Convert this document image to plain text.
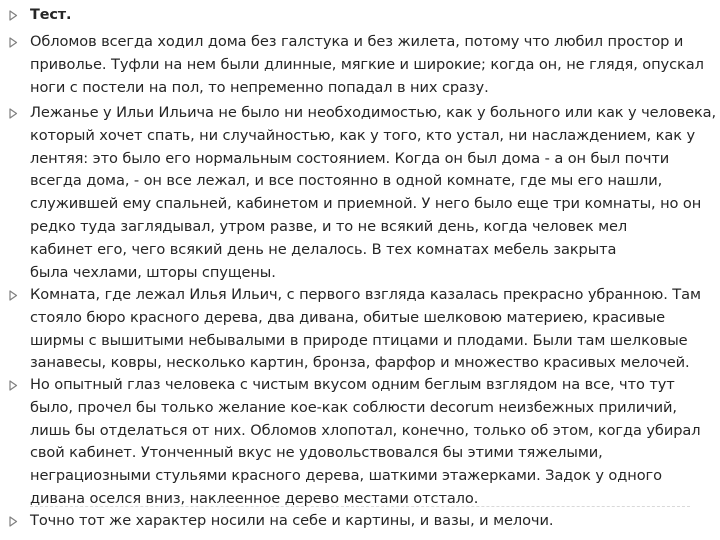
Тест.
Обломов всегда ходил дома без галстука и без жилета, потому что любил простор и
приволье. Туфли на нем были длинные, мягкие и широкие; когда он, не глядя, опускал
ноги с постели на пол, то непременно попадал в них сразу.
Лежанье у Ильи Ильича не было ни необходимостью, как у больного или как у человека,
который хочет спать, ни случайностью, как у того, кто устал, ни наслаждением, как у
лентяя: это было его нормальным состоянием. Когда он был дома - а он был почти
всегда дома, - он все лежал, и все постоянно в одной комнате, где мы его нашли,
служившей ему спальней, кабинетом и приемной. У него было еще три комнаты, но он
редко туда заглядывал, утром разве, и то не всякий день, когда человек мел
кабинет его, чего всякий день не делалось. В тех комнатах мебель закрыта
была чехлами, шторы спущены.
Комната, где лежал Илья Ильич, с первого взгляда казалась прекрасно убранною. Там
стояло бюро красного дерева, два дивана, обитые шелковою материею, красивые
ширмы с вышитыми небывалыми в природе птицами и плодами. Были там шелковые
занавесы, ковры, несколько картин, бронза, фарфор и множество красивых мелочей.
Но опытный глаз человека с чистым вкусом одним беглым взглядом на все, что тут
было, прочел бы только желание кое-как соблюсти decorum неизбежных приличий,
лишь бы отделаться от них. Обломов хлопотал, конечно, только об этом, когда убирал
свой кабинет. Утонченный вкус не удовольствовался бы этими тяжелыми,
неграциозными стульями красного дерева, шаткими этажерками. Задок у одного
дивана оселся вниз, наклеенное дерево местами отстало.
Точно тот же характер носили на себе и картины, и вазы, и мелочи.
